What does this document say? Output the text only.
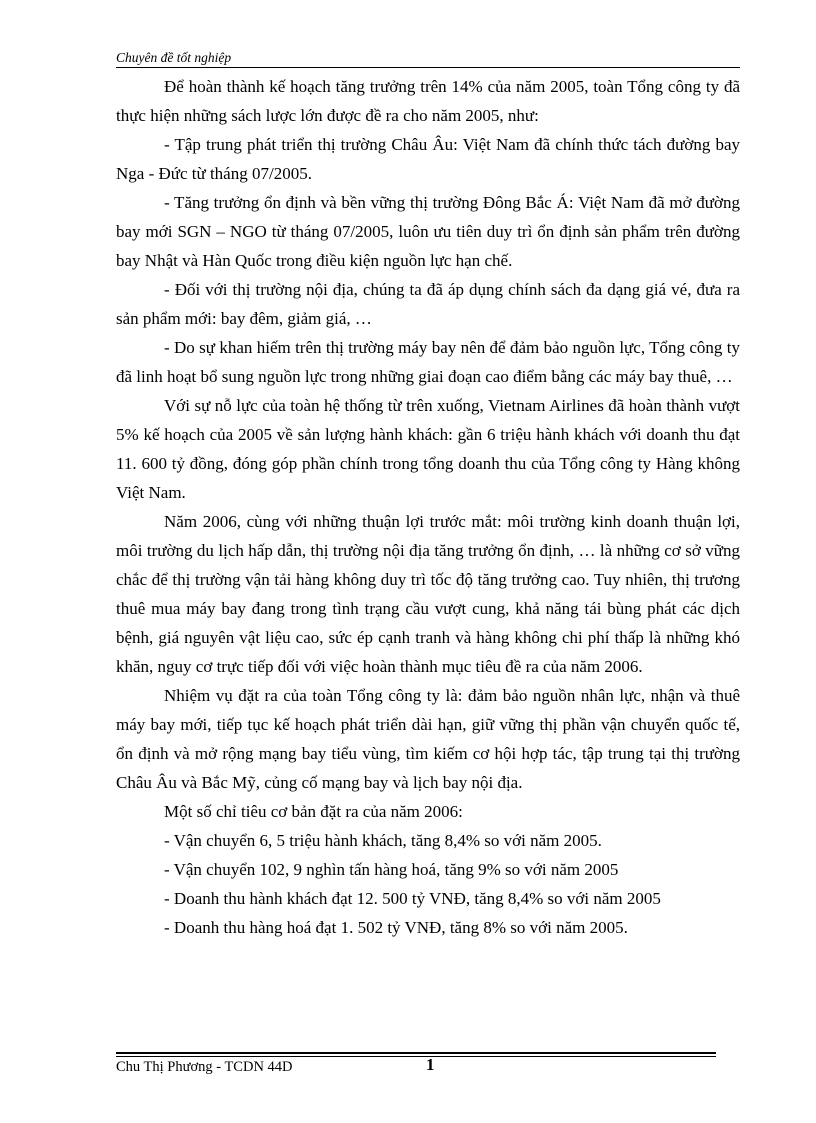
Chuyên đề tốt nghiệp

Để hoàn thành kế hoạch tăng trưởng trên 14% của năm 2005, toàn Tổng công ty đã thực hiện những sách lược lớn được đề ra cho năm 2005, như:

- Tập trung phát triển thị trường Châu Âu: Việt Nam đã chính thức tách đường bay Nga - Đức từ tháng 07/2005.

- Tăng trưởng ổn định và bền vững thị trường Đông Bắc Á: Việt Nam đã mở đường bay mới SGN – NGO từ tháng 07/2005, luôn ưu tiên duy trì ổn định sản phẩm trên đường bay Nhật và Hàn Quốc trong điều kiện nguồn lực hạn chế.

- Đối với thị trường nội địa, chúng ta đã áp dụng chính sách đa dạng giá vé, đưa ra sản phẩm mới: bay đêm, giảm giá, …

- Do sự khan hiếm trên thị trường máy bay nên để đảm bảo nguồn lực, Tổng công ty đã linh hoạt bổ sung nguồn lực trong những giai đoạn cao điểm bằng các máy bay thuê, …

Với sự nỗ lực của toàn hệ thống từ trên xuống, Vietnam Airlines đã hoàn thành vượt 5% kế hoạch của 2005 về sản lượng hành khách: gần 6 triệu hành khách với doanh thu đạt 11. 600 tỷ đồng, đóng góp phần chính trong tổng doanh thu của Tổng công ty Hàng không Việt Nam.

Năm 2006, cùng với những thuận lợi trước mắt: môi trường kinh doanh thuận lợi, môi trường du lịch hấp dẫn, thị trường nội địa tăng trưởng ổn định, … là những cơ sở vững chắc để thị trường vận tải hàng không duy trì tốc độ tăng trưởng cao. Tuy nhiên, thị trương thuê mua máy bay đang trong tình trạng cầu vượt cung, khả năng tái bùng phát các dịch bệnh, giá nguyên vật liệu cao, sức ép cạnh tranh và hàng không chi phí thấp là những khó khăn, nguy cơ trực tiếp đối với việc hoàn thành mục tiêu đề ra của năm 2006.

Nhiệm vụ đặt ra của toàn Tổng công ty là: đảm bảo nguồn nhân lực, nhận và thuê máy bay mới, tiếp tục kế hoạch phát triển dài hạn, giữ vững thị phần vận chuyển quốc tế, ổn định và mở rộng mạng bay tiểu vùng, tìm kiếm cơ hội hợp tác, tập trung tại thị trường Châu Âu và Bắc Mỹ, củng cố mạng bay và lịch bay nội địa.

Một số chỉ tiêu cơ bản đặt ra của năm 2006:

- Vận chuyển 6, 5 triệu hành khách, tăng 8,4% so với năm 2005.

- Vận chuyển 102, 9 nghìn tấn hàng hoá, tăng 9% so với năm 2005

- Doanh thu hành khách đạt 12. 500 tỷ VNĐ, tăng 8,4% so với năm 2005

- Doanh thu hàng hoá đạt 1. 502 tỷ VNĐ, tăng 8% so với năm 2005.

Chu Thị Phương - TCDN 44D	1
